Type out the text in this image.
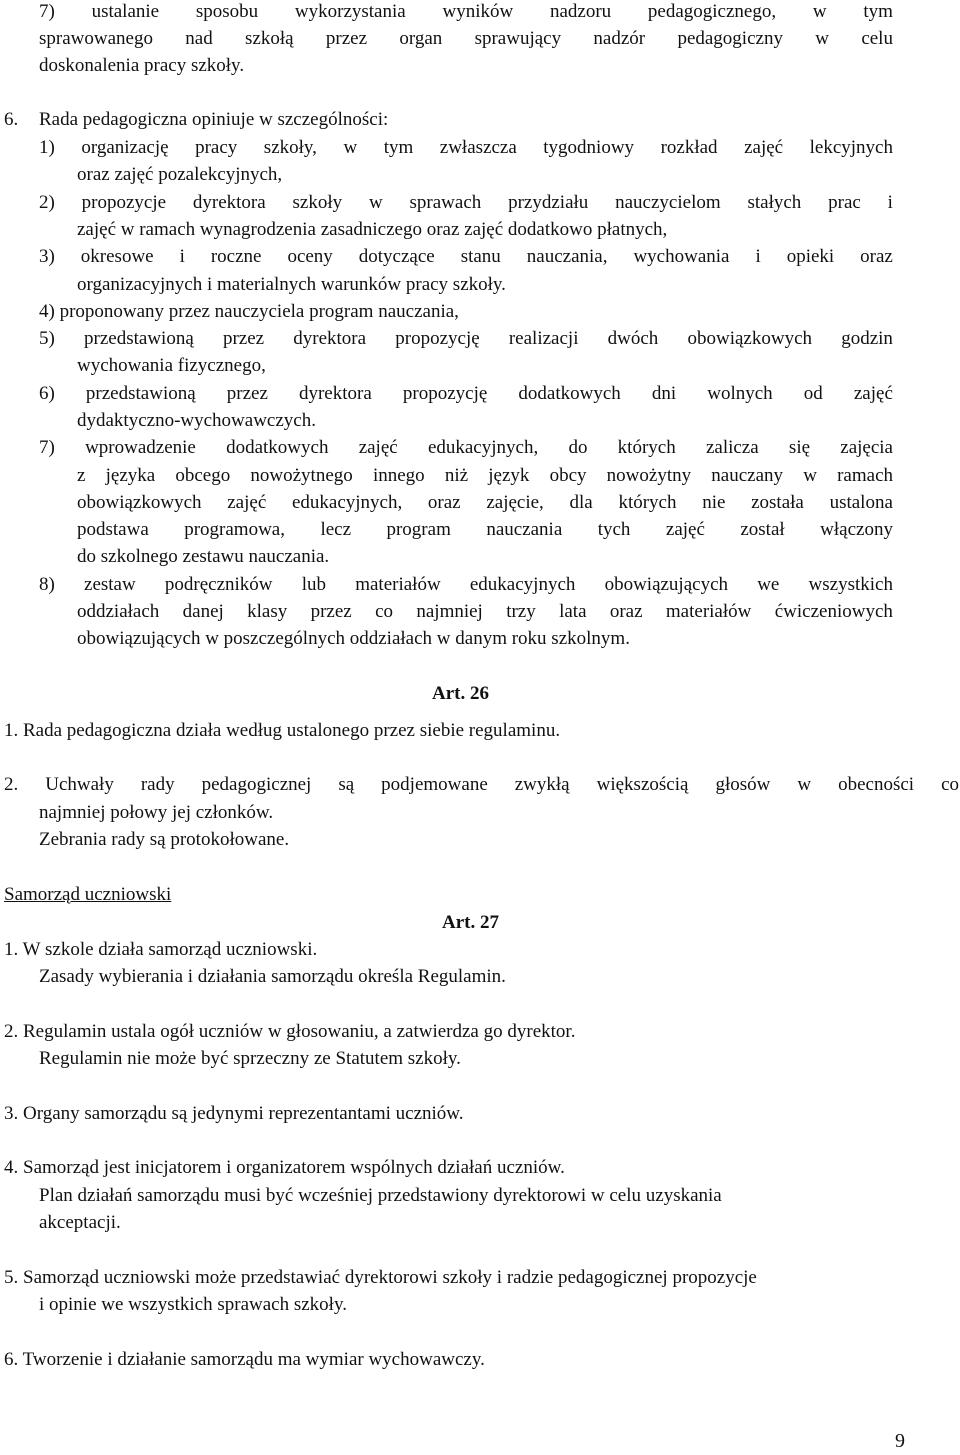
7) ustalanie sposobu wykorzystania wyników nadzoru pedagogicznego, w tym
sprawowanego nad szkołą przez organ sprawujący nadzór pedagogiczny w celu
doskonalenia pracy szkoły.
6. Rada pedagogiczna opiniuje w szczególności:
1) organizację pracy szkoły, w tym zwłaszcza tygodniowy rozkład zajęć lekcyjnych
oraz zajęć pozalekcyjnych,
2) propozycje dyrektora szkoły w sprawach przydziału nauczycielom stałych prac i
zajęć w ramach wynagrodzenia zasadniczego oraz zajęć dodatkowo płatnych,
3) okresowe i roczne oceny dotyczące stanu nauczania, wychowania i opieki oraz
organizacyjnych i materialnych warunków pracy szkoły.
4) proponowany przez nauczyciela program nauczania,
5) przedstawioną przez dyrektora propozycję realizacji dwóch obowiązkowych godzin
wychowania fizycznego,
6) przedstawioną przez dyrektora propozycję dodatkowych dni wolnych od zajęć
dydaktyczno-wychowawczych.
7) wprowadzenie dodatkowych zajęć edukacyjnych, do których zalicza się zajęcia
z języka obcego nowożytnego innego niż język obcy nowożytny nauczany w ramach
obowiązkowych zajęć edukacyjnych, oraz zajęcie, dla których nie została ustalona
podstawa programowa, lecz program nauczania tych zajęć został włączony
do szkolnego zestawu nauczania.
8) zestaw podręczników lub materiałów edukacyjnych obowiązujących we wszystkich
oddziałach danej klasy przez co najmniej trzy lata oraz materiałów ćwiczeniowych
obowiązujących w poszczególnych oddziałach w danym roku szkolnym.
Art. 26
1. Rada pedagogiczna działa według ustalonego przez siebie regulaminu.
2. Uchwały rady pedagogicznej są podjemowane zwykłą większością głosów w obecności co
najmniej połowy jej członków.
Zebrania rady są protokołowane.
Samorząd uczniowski
Art. 27
1. W szkole działa samorząd uczniowski.
Zasady wybierania i działania samorządu określa Regulamin.
2. Regulamin ustala ogół uczniów w głosowaniu, a zatwierdza go dyrektor.
Regulamin nie może być sprzeczny ze Statutem szkoły.
3. Organy samorządu są jedynymi reprezentantami uczniów.
4. Samorząd jest inicjatorem i organizatorem wspólnych działań uczniów.
Plan działań samorządu musi być wcześniej przedstawiony dyrektorowi w celu uzyskania
akceptacji.
5. Samorząd uczniowski może przedstawiać dyrektorowi szkoły i radzie pedagogicznej propozycje
i opinie we wszystkich sprawach szkoły.
6. Tworzenie i działanie samorządu ma wymiar wychowawczy.
9
